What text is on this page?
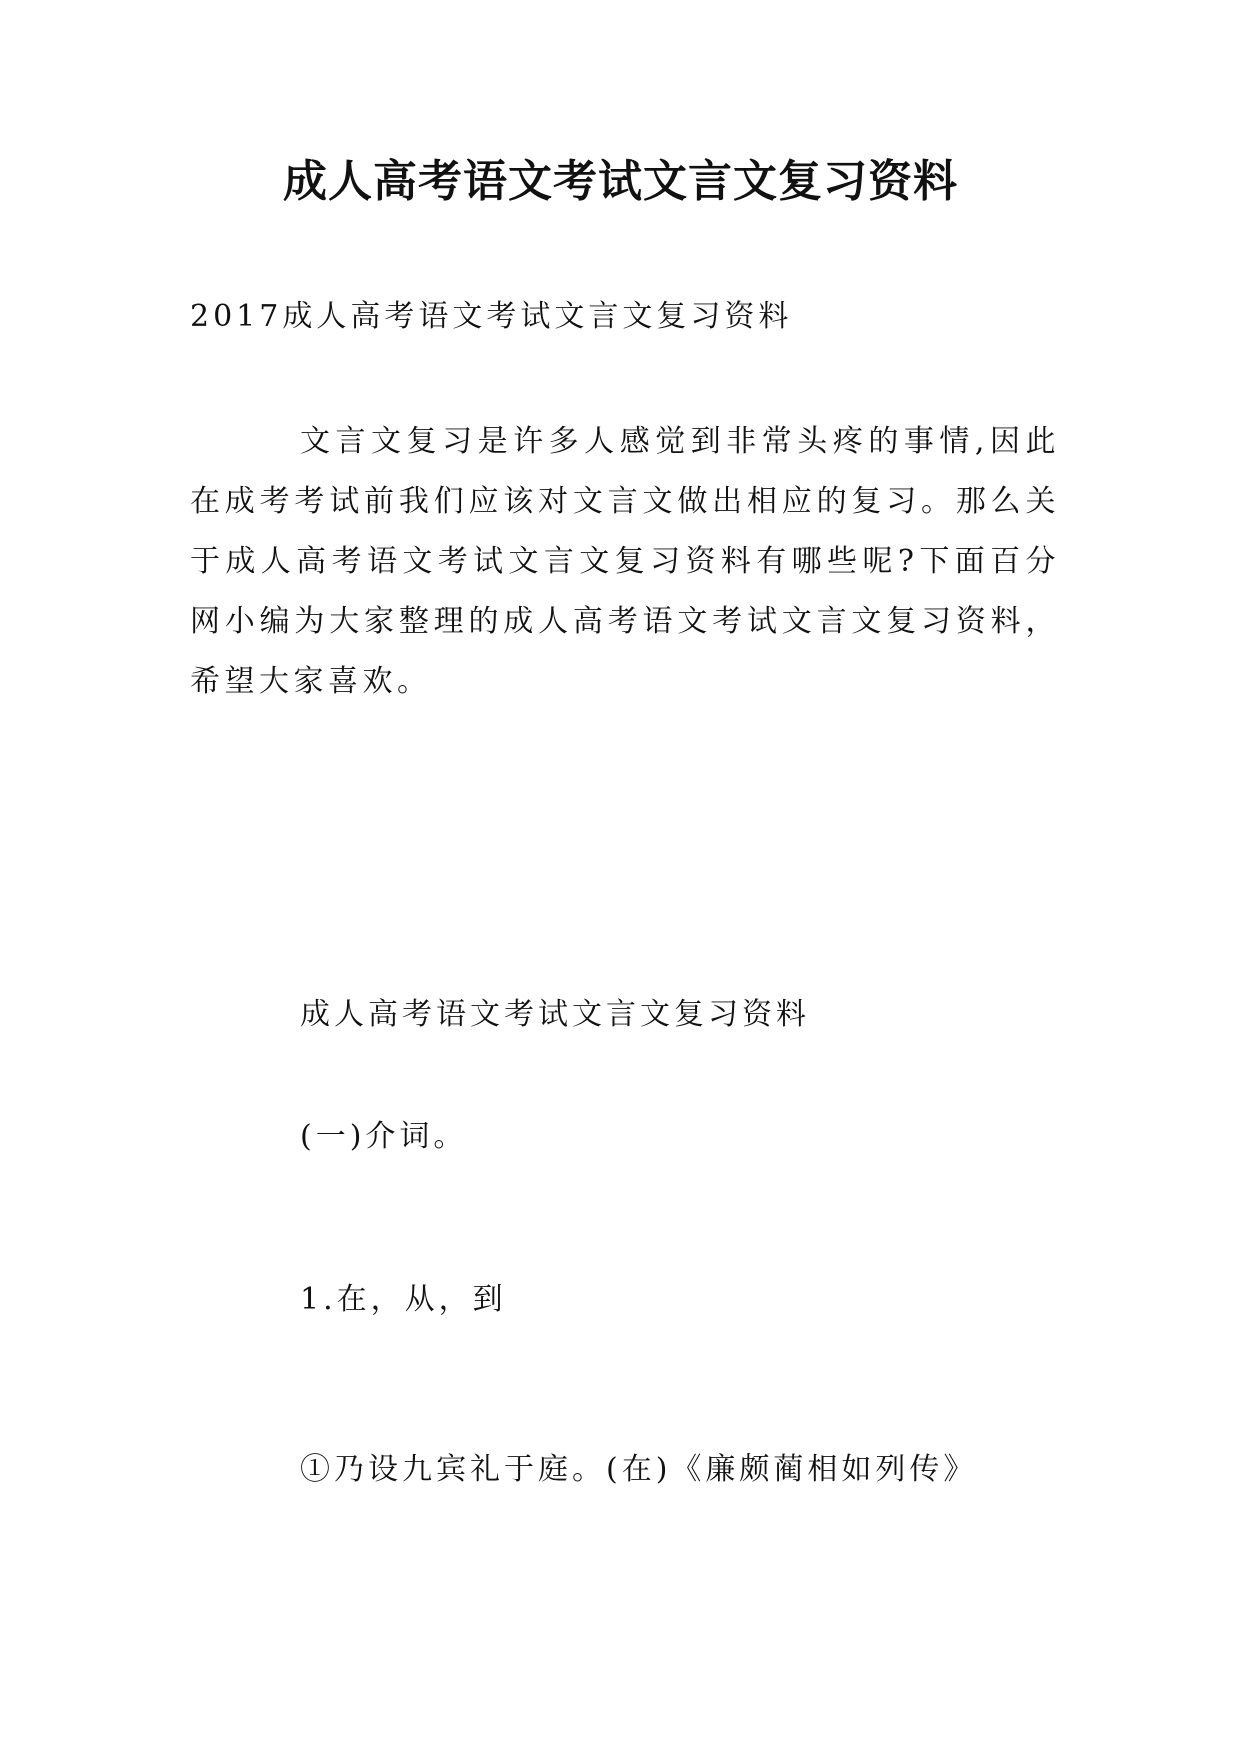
成人高考语文考试文言文复习资料

2017成人高考语文考试文言文复习资料

文言文复习是许多人感觉到非常头疼的事情,因此在成考考试前我们应该对文言文做出相应的复习。那么关于成人高考语文考试文言文复习资料有哪些呢?下面百分网小编为大家整理的成人高考语文考试文言文复习资料，希望大家喜欢。

成人高考语文考试文言文复习资料

(一)介词。

1.在，从，到

①乃设九宾礼于庭。(在)《廉颇蔺相如列传》
